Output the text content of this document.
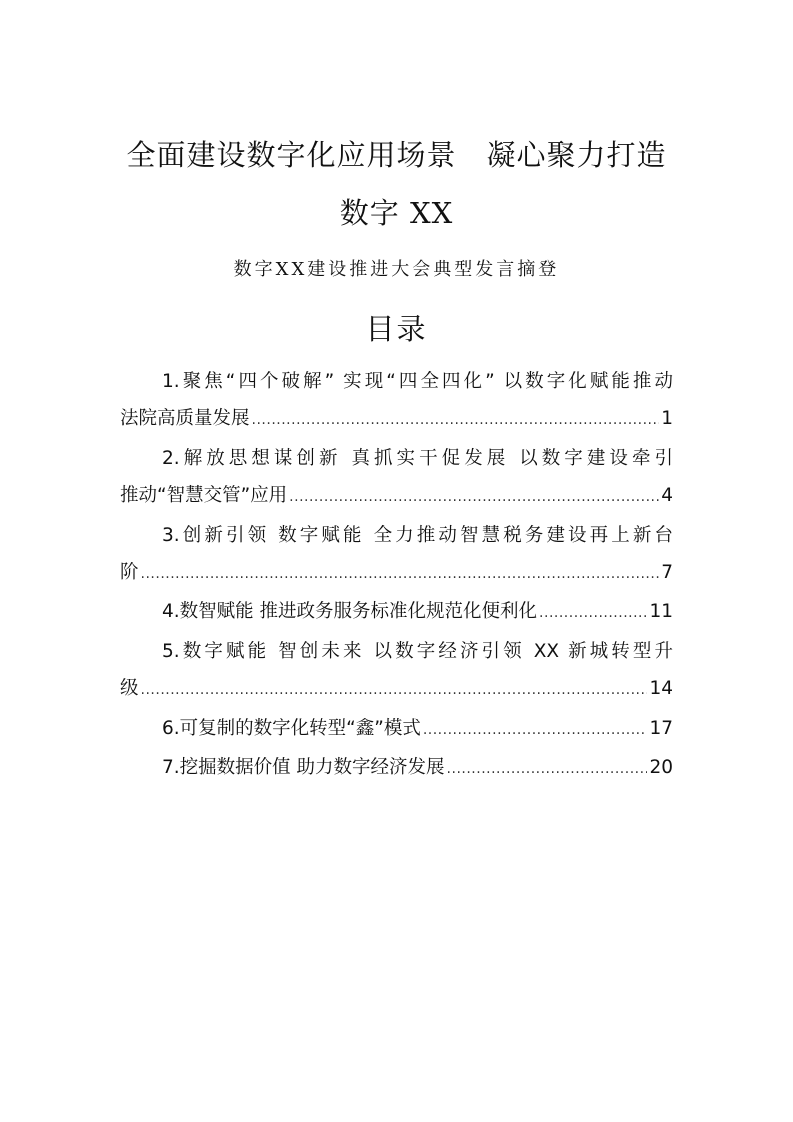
全面建设数字化应用场景　凝心聚力打造
数字 XX
数字XX建设推进大会典型发言摘登
目录
1.聚焦“四个破解” 实现“四全四化” 以数字化赋能推动
法院高质量发展 .....	1
2.解放思想谋创新 真抓实干促发展 以数字建设牵引
推动“智慧交管”应用 .....	4
3.创新引领 数字赋能 全力推动智慧税务建设再上新台
阶 .....	7
4.数智赋能 推进政务服务标准化规范化便利化 .....	11
5.数字赋能 智创未来 以数字经济引领 XX 新城转型升
级 .....	14
6.可复制的数字化转型“鑫”模式 .....	17
7.挖掘数据价值 助力数字经济发展 .....	20
